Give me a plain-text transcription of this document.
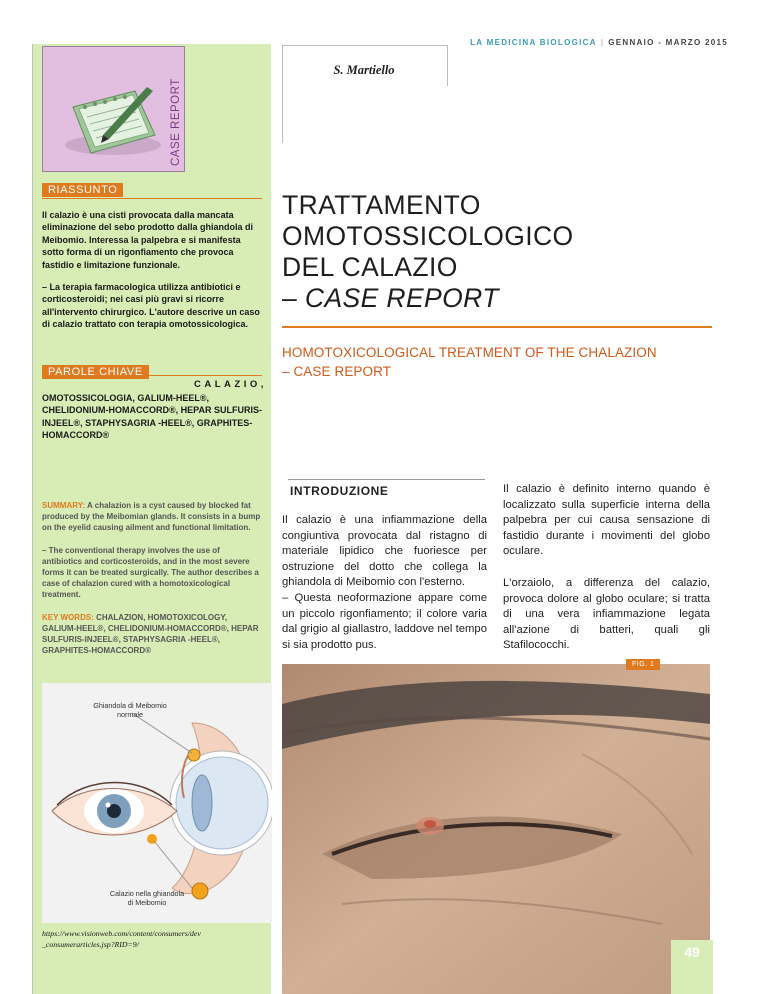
LA MEDICINA BIOLOGICA | GENNAIO - MARZO 2015
CASE REPORT
S. Martiello
RIASSUNTO

Il calazio è una cisti provocata dalla mancata eliminazione del sebo prodotto dalla ghiandola di Meibomio. Interessa la palpebra e si manifesta sotto forma di un rigonfiamento che provoca fastidio e limitazione funzionale.

– La terapia farmacologica utilizza antibiotici e corticosteroidi; nei casi più gravi si ricorre all'intervento chirurgico. L'autore descrive un caso di calazio trattato con terapia omotossicologica.

PAROLE CHIAVE
CALAZIO,
OMOTOSSICOLOGIA, GALIUM-HEEL®, CHELIDONIUM-HOMACCORD®, HEPAR SULFURIS-INJEEL®, STAPHYSAGRIA -HEEL®, GRAPHITES-HOMACCORD®

SUMMARY: A chalazion is a cyst caused by blocked fat produced by the Meibomian glands. It consists in a bump on the eyelid causing ailment and functional limitation.

– The conventional therapy involves the use of antibiotics and corticosteroids, and in the most severe forms it can be treated surgically. The author describes a case of chalazion cured with a homotoxicological treatment.

KEY WORDS: CHALAZION, HOMOTOXICOLOGY, GALIUM-HEEL®, CHELIDONIUM-HOMACCORD®, HEPAR SULFURIS-INJEEL®, STAPHYSAGRIA -HEEL®, GRAPHITES-HOMACCORD®

Ghiandola di Meibomio
normale
Calazio nella ghiandola
di Meibomio
https://www.visionweb.com/content/consumers/dev
_consumerarticles.jsp?RID=9/
TRATTAMENTO
OMOTOSSICOLOGICO
DEL CALAZIO
– CASE REPORT
HOMOTOXICOLOGICAL TREATMENT OF THE CHALAZION
– CASE REPORT
INTRODUZIONE

Il calazio è una infiammazione della congiuntiva provocata dal ristagno di materiale lipidico che fuoriesce per ostruzione del dotto che collega la ghiandola di Meibomio con l'esterno.

– Questa neoformazione appare come un piccolo rigonfiamento; il colore varia dal grigio al giallastro, laddove nel tempo si sia prodotto pus.

Il calazio è definito interno quando è localizzato sulla superficie interna della palpebra per cui causa sensazione di fastidio durante i movimenti del globo oculare.

L'orzaiolo, a differenza del calazio, provoca dolore al globo oculare; si tratta di una vera infiammazione legata all'azione di batteri, quali gli Stafilococchi.

FIG. 1
49
